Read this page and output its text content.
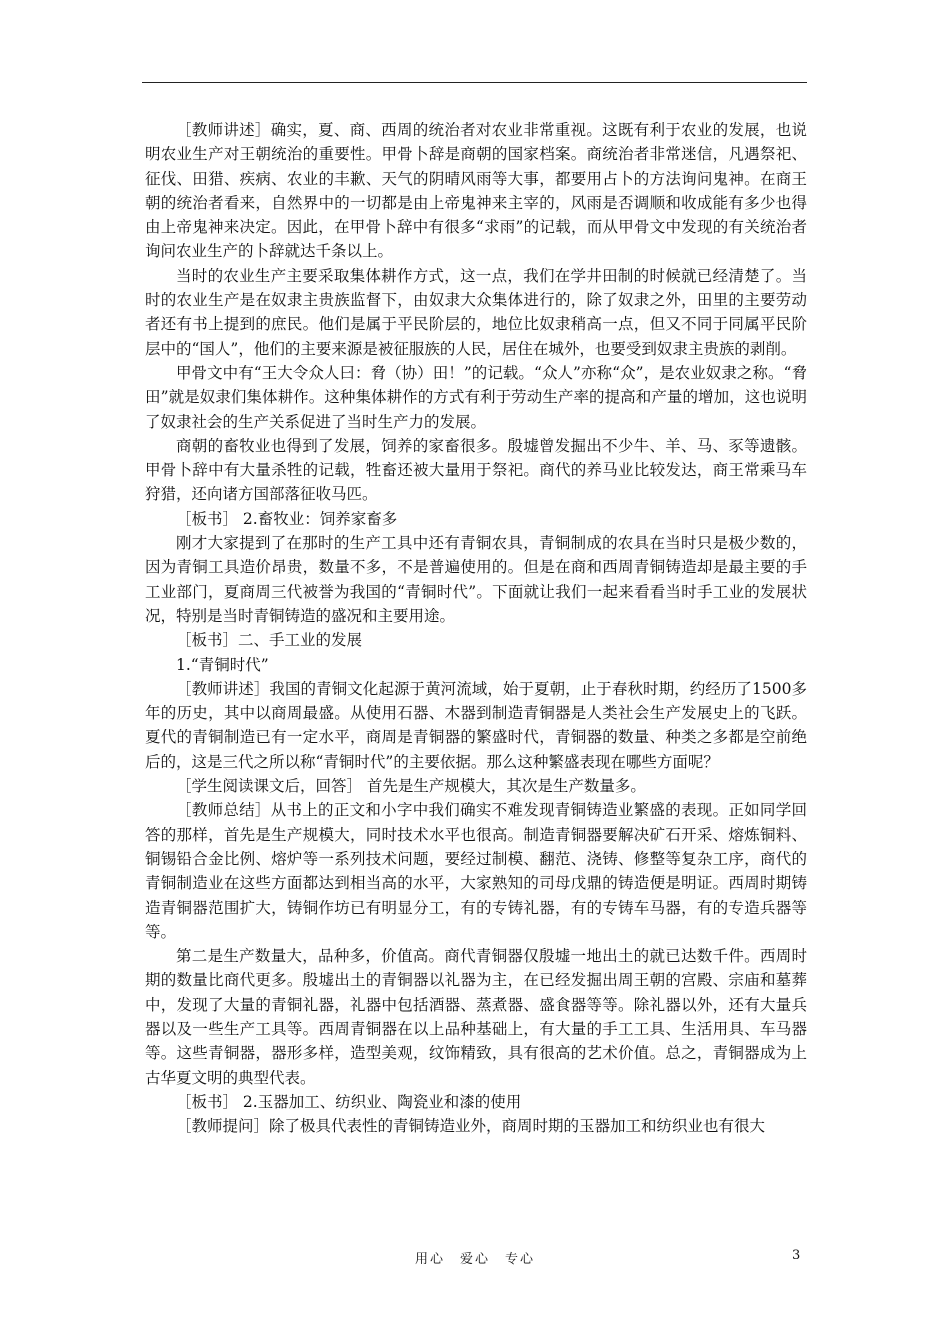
［教师讲述］确实，夏、商、西周的统治者对农业非常重视。这既有利于农业的发展，也说明农业生产对王朝统治的重要性。甲骨卜辞是商朝的国家档案。商统治者非常迷信，凡遇祭祀、征伐、田猎、疾病、农业的丰歉、天气的阴晴风雨等大事，都要用占卜的方法询问鬼神。在商王朝的统治者看来，自然界中的一切都是由上帝鬼神来主宰的，风雨是否调顺和收成能有多少也得由上帝鬼神来决定。因此，在甲骨卜辞中有很多“求雨”的记载，而从甲骨文中发现的有关统治者询问农业生产的卜辞就达千条以上。

当时的农业生产主要采取集体耕作方式，这一点，我们在学井田制的时候就已经清楚了。当时的农业生产是在奴隶主贵族监督下，由奴隶大众集体进行的，除了奴隶之外，田里的主要劳动者还有书上提到的庶民。他们是属于平民阶层的，地位比奴隶稍高一点，但又不同于同属平民阶层中的“国人”，他们的主要来源是被征服族的人民，居住在城外，也要受到奴隶主贵族的剥削。

甲骨文中有“王大令众人曰：脅（协）田！”的记载。“众人”亦称“众”，是农业奴隶之称。“脅田”就是奴隶们集体耕作。这种集体耕作的方式有利于劳动生产率的提高和产量的增加，这也说明了奴隶社会的生产关系促进了当时生产力的发展。

商朝的畜牧业也得到了发展，饲养的家畜很多。殷墟曾发掘出不少牛、羊、马、豕等遗骸。甲骨卜辞中有大量杀牲的记载，牲畜还被大量用于祭祀。商代的养马业比较发达，商王常乘马车狩猎，还向诸方国部落征收马匹。

［板书］ 2.畜牧业：饲养家畜多

刚才大家提到了在那时的生产工具中还有青铜农具，青铜制成的农具在当时只是极少数的，因为青铜工具造价昂贵，数量不多，不是普遍使用的。但是在商和西周青铜铸造却是最主要的手工业部门，夏商周三代被誉为我国的“青铜时代”。下面就让我们一起来看看当时手工业的发展状况，特别是当时青铜铸造的盛况和主要用途。

［板书］二、手工业的发展

1.“青铜时代”

［教师讲述］我国的青铜文化起源于黄河流域，始于夏朝，止于春秋时期，约经历了1500多年的历史，其中以商周最盛。从使用石器、木器到制造青铜器是人类社会生产发展史上的飞跃。夏代的青铜制造已有一定水平，商周是青铜器的繁盛时代，青铜器的数量、种类之多都是空前绝后的，这是三代之所以称“青铜时代”的主要依据。那么这种繁盛表现在哪些方面呢？

［学生阅读课文后，回答］ 首先是生产规模大，其次是生产数量多。

［教师总结］从书上的正文和小字中我们确实不难发现青铜铸造业繁盛的表现。正如同学回答的那样，首先是生产规模大，同时技术水平也很高。制造青铜器要解决矿石开采、熔炼铜料、铜锡铅合金比例、熔炉等一系列技术问题，要经过制模、翻范、浇铸、修整等复杂工序，商代的青铜制造业在这些方面都达到相当高的水平，大家熟知的司母戊鼎的铸造便是明证。西周时期铸造青铜器范围扩大，铸铜作坊已有明显分工，有的专铸礼器，有的专铸车马器，有的专造兵器等等。

第二是生产数量大，品种多，价值高。商代青铜器仅殷墟一地出土的就已达数千件。西周时期的数量比商代更多。殷墟出土的青铜器以礼器为主，在已经发掘出周王朝的宫殿、宗庙和墓葬中，发现了大量的青铜礼器，礼器中包括酒器、蒸煮器、盛食器等等。除礼器以外，还有大量兵器以及一些生产工具等。西周青铜器在以上品种基础上，有大量的手工工具、生活用具、车马器等。这些青铜器，器形多样，造型美观，纹饰精致，具有很高的艺术价值。总之，青铜器成为上古华夏文明的典型代表。

［板书］ 2.玉器加工、纺织业、陶瓷业和漆的使用

［教师提问］除了极具代表性的青铜铸造业外，商周时期的玉器加工和纺织业也有很大

用心　爱心　专心	3
